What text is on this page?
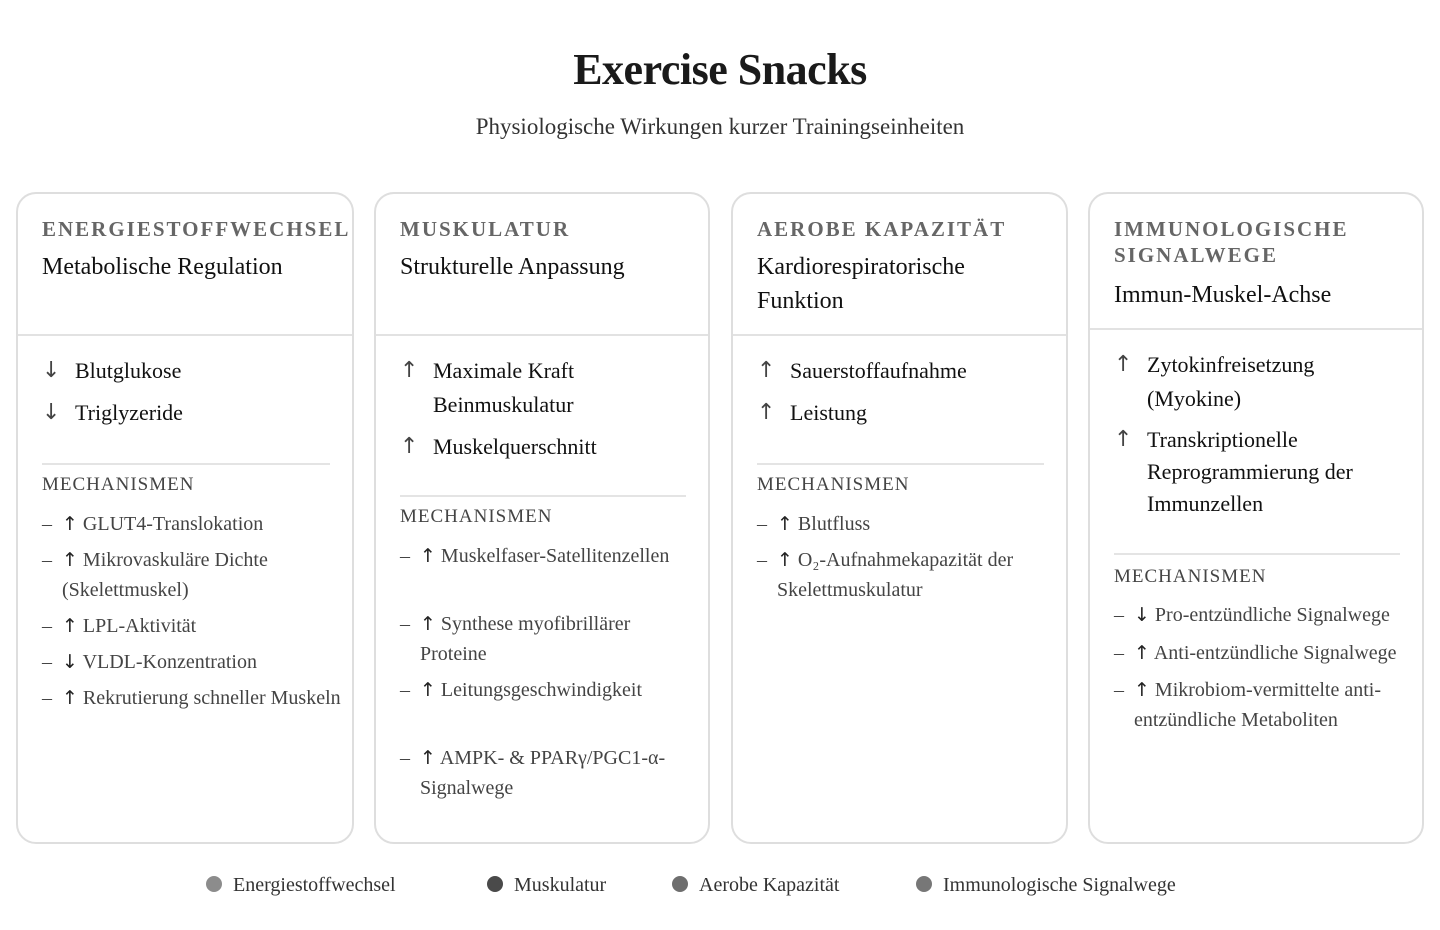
Exercise Snacks
Physiologische Wirkungen kurzer Trainingseinheiten
ENERGIESTOFFWECHSEL
Metabolische Regulation
↓ Blutglukose
↓ Triglyzeride
MECHANISMEN
– ↑ GLUT4-Translokation
– ↑ Mikrovaskuläre Dichte (Skelettmuskel)
– ↑ LPL-Aktivität
– ↓ VLDL-Konzentration
– ↑ Rekrutierung schneller Muskeln
MUSKULATUR
Strukturelle Anpassung
↑ Maximale Kraft Beinmuskulatur
↑ Muskelquerschnitt
MECHANISMEN
– ↑ Muskelfaser-Satellitenzellen
– ↑ Synthese myofibrillärer Proteine
– ↑ Leitungsgeschwindigkeit
– ↑ AMPK- & PPARγ/PGC1-α-Signalwege
AEROBE KAPAZITÄT
Kardiorespiratorische Funktion
↑ Sauerstoffaufnahme
↑ Leistung
MECHANISMEN
– ↑ Blutfluss
– ↑ O₂-Aufnahmekapazität der Skelettmuskulatur
IMMUNOLOGISCHE SIGNALWEGE
Immun-Muskel-Achse
↑ Zytokinfreisetzung (Myokine)
↑ Transkriptionelle Reprogrammierung der Immunzellen
MECHANISMEN
– ↓ Pro-entzündliche Signalwege
– ↑ Anti-entzündliche Signalwege
– ↑ Mikrobiom-vermittelte anti-entzündliche Metaboliten
Energiestoffwechsel	Muskulatur	Aerobe Kapazität	Immunologische Signalwege
